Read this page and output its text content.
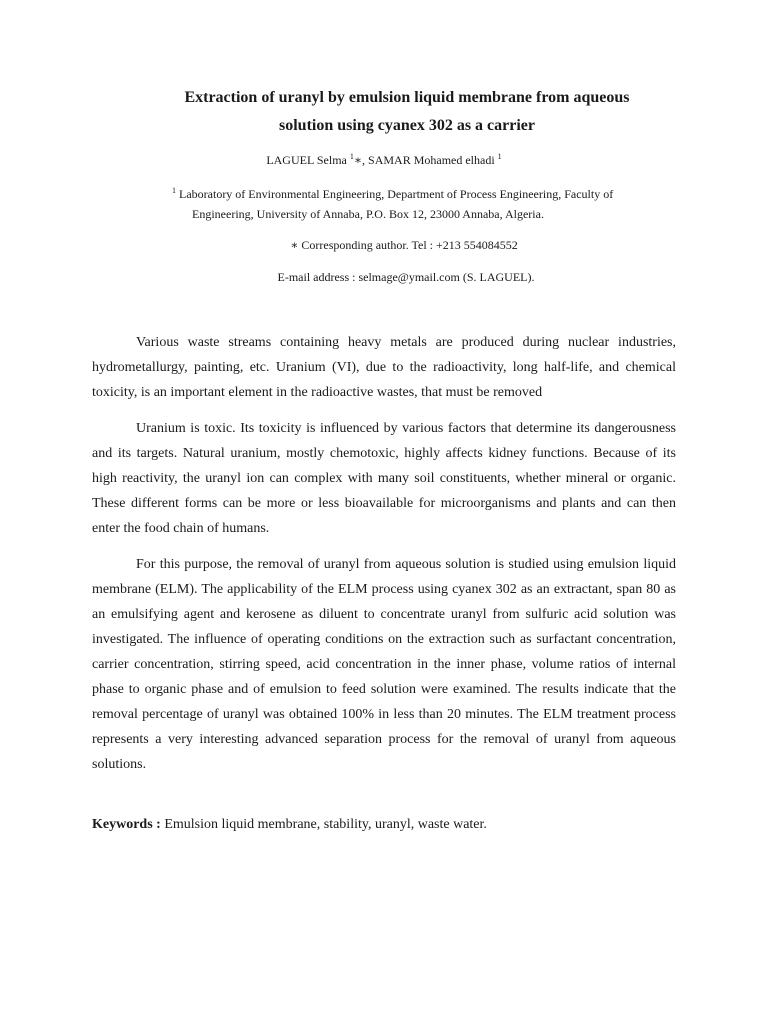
Extraction of uranyl by emulsion liquid membrane from aqueous
solution using cyanex 302 as a carrier
LAGUEL Selma $^1$∗, SAMAR Mohamed elhadi $^1$
$^1$ Laboratory of Environmental Engineering, Department of Process Engineering, Faculty of
Engineering, University of Annaba, P.O. Box 12, 23000 Annaba, Algeria.
∗ Corresponding author. Tel : +213 554084552
E-mail address : selmage@ymail.com (S. LAGUEL).

Various waste streams containing heavy metals are produced during nuclear industries, hydrometallurgy, painting, etc. Uranium (VI), due to the radioactivity, long half-life, and chemical toxicity, is an important element in the radioactive wastes, that must be removed

Uranium is toxic. Its toxicity is influenced by various factors that determine its dangerousness and its targets. Natural uranium, mostly chemotoxic, highly affects kidney functions. Because of its high reactivity, the uranyl ion can complex with many soil constituents, whether mineral or organic. These different forms can be more or less bioavailable for microorganisms and plants and can then enter the food chain of humans.

For this purpose, the removal of uranyl from aqueous solution is studied using emulsion liquid membrane (ELM). The applicability of the ELM process using cyanex 302 as an extractant, span 80 as an emulsifying agent and kerosene as diluent to concentrate uranyl from sulfuric acid solution was investigated. The influence of operating conditions on the extraction such as surfactant concentration, carrier concentration, stirring speed, acid concentration in the inner phase, volume ratios of internal phase to organic phase and of emulsion to feed solution were examined. The results indicate that the removal percentage of uranyl was obtained 100% in less than 20 minutes. The ELM treatment process represents a very interesting advanced separation process for the removal of uranyl from aqueous solutions.

Keywords : Emulsion liquid membrane, stability, uranyl, waste water.
